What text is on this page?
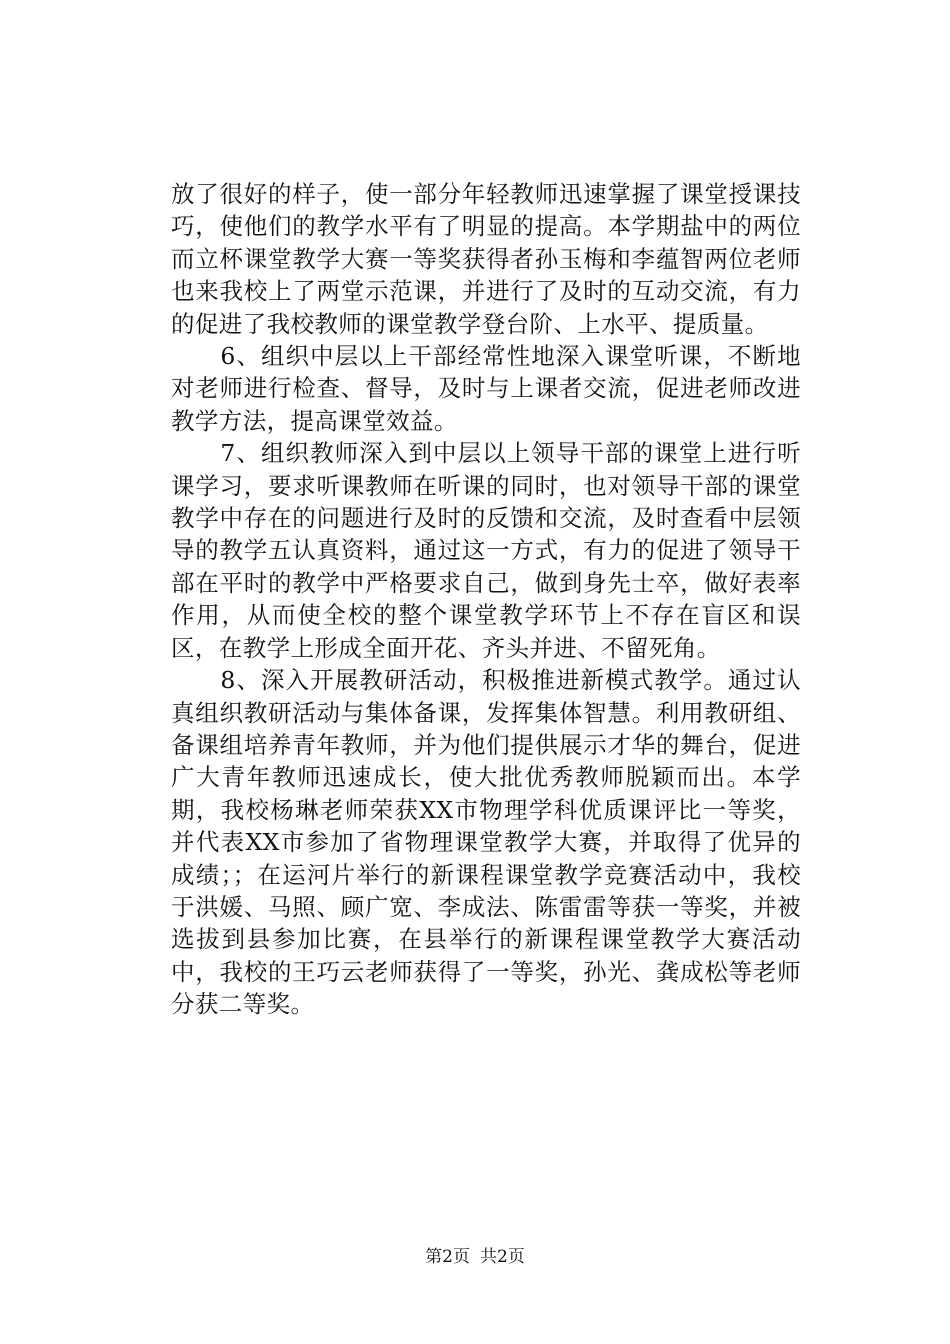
放了很好的样子，使一部分年轻教师迅速掌握了课堂授课技巧，使他们的教学水平有了明显的提高。本学期盐中的两位而立杯课堂教学大赛一等奖获得者孙玉梅和李蕴智两位老师也来我校上了两堂示范课，并进行了及时的互动交流，有力的促进了我校教师的课堂教学登台阶、上水平、提质量。

6、组织中层以上干部经常性地深入课堂听课，不断地对老师进行检查、督导，及时与上课者交流，促进老师改进教学方法，提高课堂效益。

7、组织教师深入到中层以上领导干部的课堂上进行听课学习，要求听课教师在听课的同时，也对领导干部的课堂教学中存在的问题进行及时的反馈和交流，及时查看中层领导的教学五认真资料，通过这一方式，有力的促进了领导干部在平时的教学中严格要求自己，做到身先士卒，做好表率作用，从而使全校的整个课堂教学环节上不存在盲区和误区，在教学上形成全面开花、齐头并进、不留死角。

8、深入开展教研活动，积极推进新模式教学。通过认真组织教研活动与集体备课，发挥集体智慧。利用教研组、备课组培养青年教师，并为他们提供展示才华的舞台，促进广大青年教师迅速成长，使大批优秀教师脱颖而出。本学期，我校杨琳老师荣获XX市物理学科优质课评比一等奖，并代表XX市参加了省物理课堂教学大赛，并取得了优异的成绩；；在运河片举行的新课程课堂教学竞赛活动中，我校于洪媛、马照、顾广宽、李成法、陈雷雷等获一等奖，并被选拔到县参加比赛，在县举行的新课程课堂教学大赛活动中，我校的王巧云老师获得了一等奖，孙光、龚成松等老师分获二等奖。

第2页 共2页
